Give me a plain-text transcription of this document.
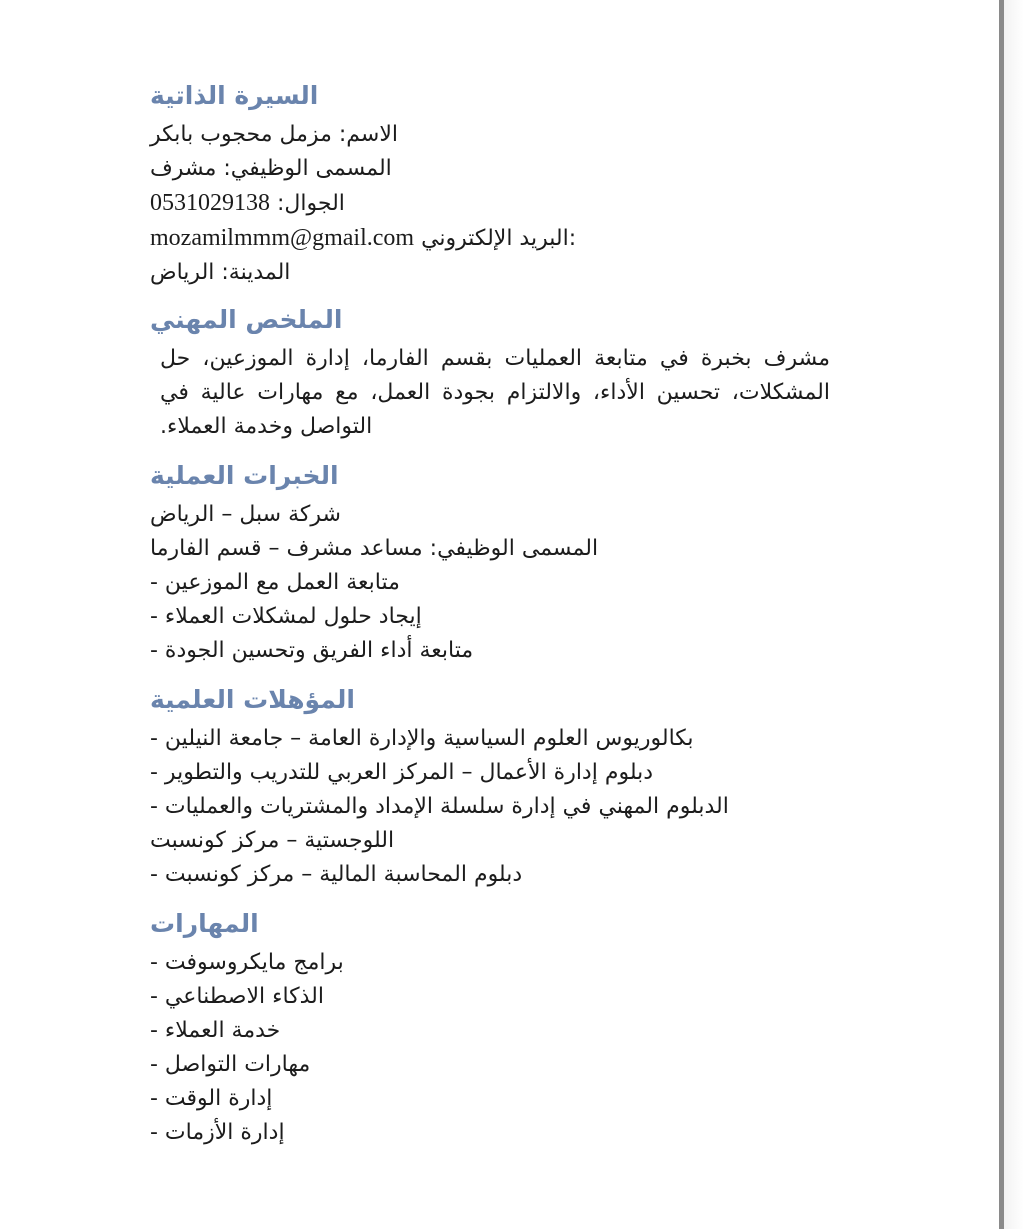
السيرة الذاتية

الاسم: مزمل محجوب بابكر

المسمى الوظيفي: مشرف

الجوال: 0531029138

:البريد الإلكتروني mozamilmmm@gmail.com

المدينة: الرياض

الملخص المهني

مشرف بخبرة في متابعة العمليات بقسم الفارما، إدارة الموزعين، حل المشكلات، تحسين الأداء، والالتزام بجودة العمل، مع مهارات عالية في التواصل وخدمة العملاء.

الخبرات العملية

شركة سبل – الرياض

المسمى الوظيفي: مساعد مشرف – قسم الفارما

متابعة العمل مع الموزعين -
إيجاد حلول لمشكلات العملاء -
متابعة أداء الفريق وتحسين الجودة -
المؤهلات العلمية
بكالوريوس العلوم السياسية والإدارة العامة – جامعة النيلين -
دبلوم إدارة الأعمال – المركز العربي للتدريب والتطوير -
الدبلوم المهني في إدارة سلسلة الإمداد والمشتريات والعمليات -
اللوجستية – مركز كونسبت
دبلوم المحاسبة المالية – مركز كونسبت -
المهارات
برامج مايكروسوفت -
الذكاء الاصطناعي -
خدمة العملاء -
مهارات التواصل -
إدارة الوقت -
إدارة الأزمات -
